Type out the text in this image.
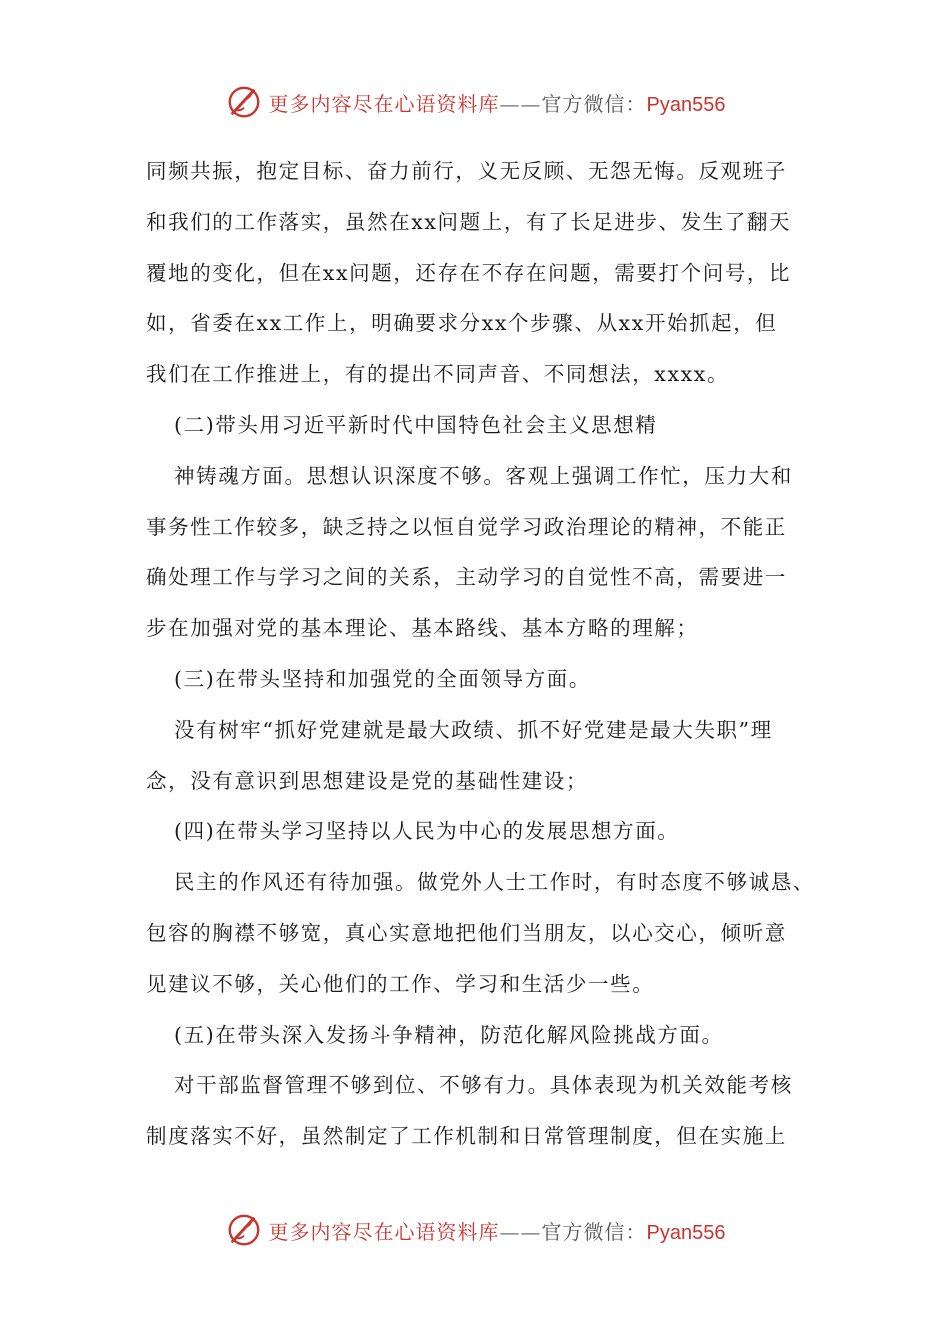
更多内容尽在心语资料库——官方微信：Pyan556
同频共振，抱定目标、奋力前行，义无反顾、无怨无悔。反观班子
和我们的工作落实，虽然在xx问题上，有了长足进步、发生了翻天
覆地的变化，但在xx问题，还存在不存在问题，需要打个问号，比
如，省委在xx工作上，明确要求分xx个步骤、从xx开始抓起，但
我们在工作推进上，有的提出不同声音、不同想法，xxxx。
(二)带头用习近平新时代中国特色社会主义思想精
神铸魂方面。思想认识深度不够。客观上强调工作忙，压力大和
事务性工作较多，缺乏持之以恒自觉学习政治理论的精神，不能正
确处理工作与学习之间的关系，主动学习的自觉性不高，需要进一
步在加强对党的基本理论、基本路线、基本方略的理解；
(三)在带头坚持和加强党的全面领导方面。
没有树牢“抓好党建就是最大政绩、抓不好党建是最大失职”理
念，没有意识到思想建设是党的基础性建设；
(四)在带头学习坚持以人民为中心的发展思想方面。
民主的作风还有待加强。做党外人士工作时，有时态度不够诚恳、
包容的胸襟不够宽，真心实意地把他们当朋友，以心交心，倾听意
见建议不够，关心他们的工作、学习和生活少一些。
(五)在带头深入发扬斗争精神，防范化解风险挑战方面。
对干部监督管理不够到位、不够有力。具体表现为机关效能考核
制度落实不好，虽然制定了工作机制和日常管理制度，但在实施上
更多内容尽在心语资料库——官方微信：Pyan556
